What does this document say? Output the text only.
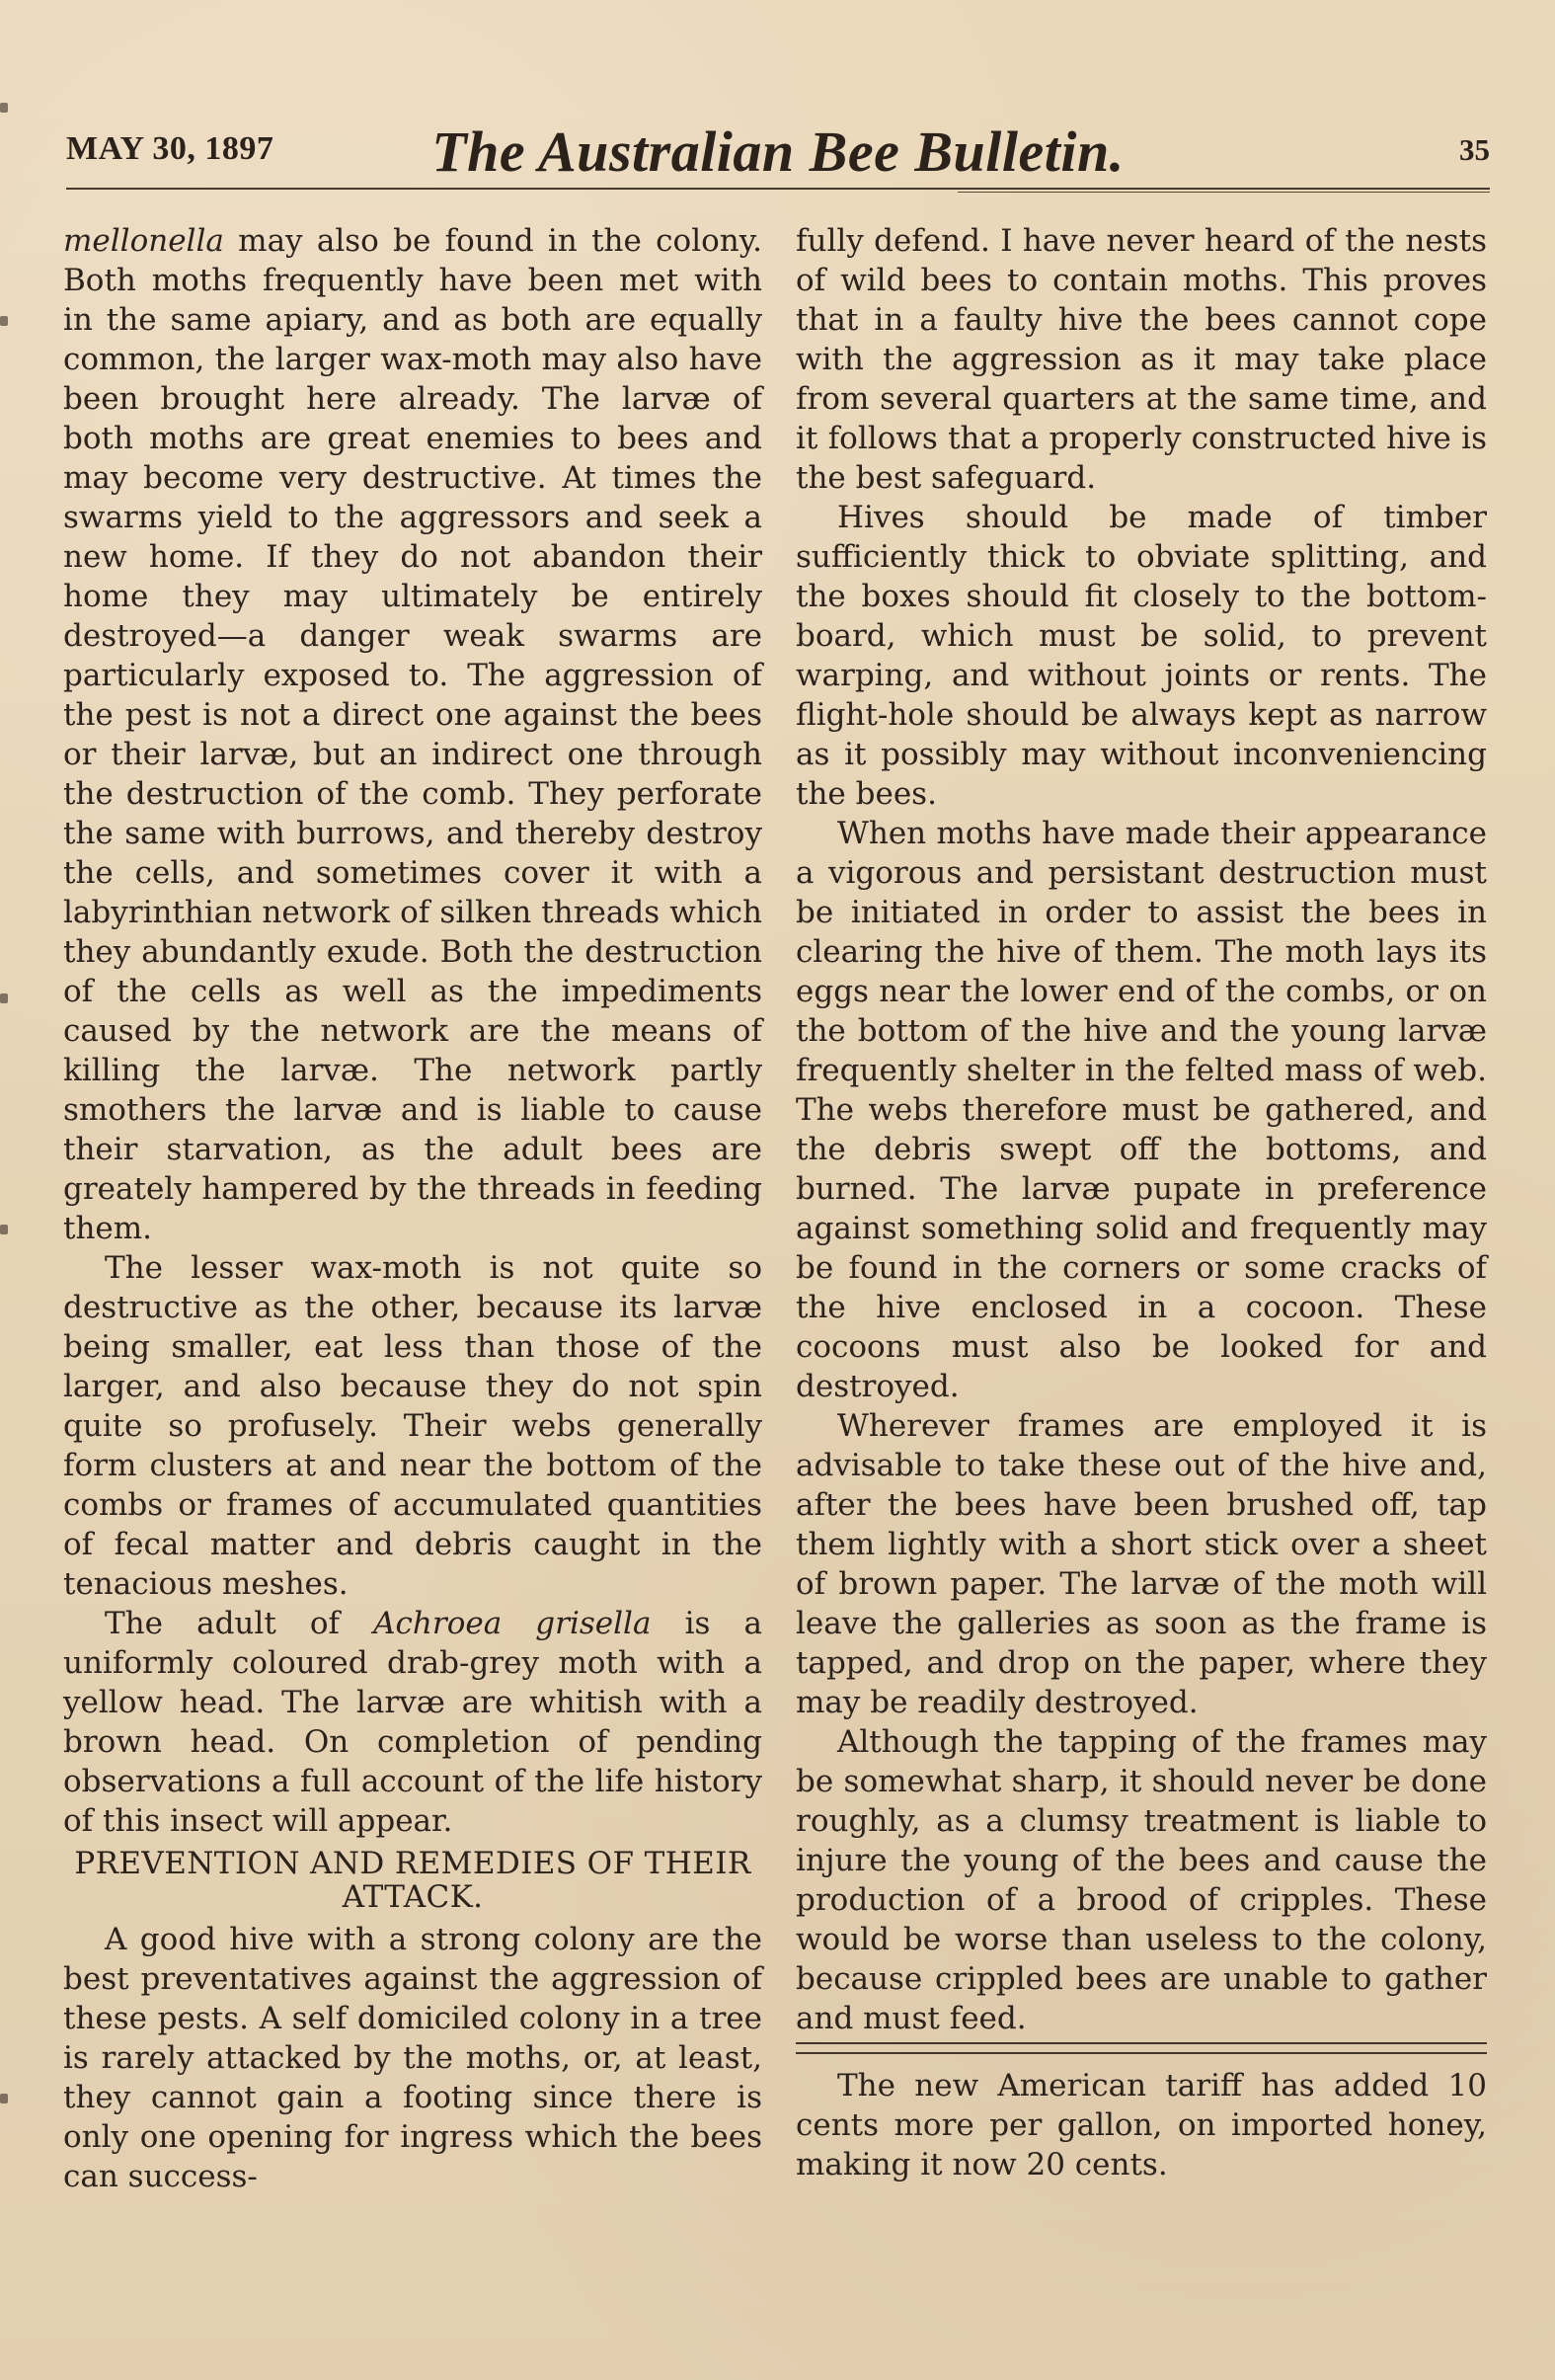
MAY 30, 1897	The Australian Bee Bulletin.	35

mellonella may also be found in the colony. Both moths frequently have been met with in the same apiary, and as both are equally common, the larger wax-moth may also have been brought here already. The larvæ of both moths are great enemies to bees and may become very destructive. At times the swarms yield to the aggressors and seek a new home. If they do not abandon their home they may ultimately be entirely destroyed—a danger weak swarms are particularly exposed to. The aggression of the pest is not a direct one against the bees or their larvæ, but an indirect one through the destruction of the comb. They perforate the same with burrows, and thereby destroy the cells, and sometimes cover it with a labyrinthian network of silken threads which they abundantly exude. Both the destruction of the cells as well as the impediments caused by the network are the means of killing the larvæ. The network partly smothers the larvæ and is liable to cause their starvation, as the adult bees are greately hampered by the threads in feeding them.

The lesser wax-moth is not quite so destructive as the other, because its larvæ being smaller, eat less than those of the larger, and also because they do not spin quite so profusely. Their webs generally form clusters at and near the bottom of the combs or frames of accumulated quantities of fecal matter and debris caught in the tenacious meshes.

The adult of Achroea grisella is a uniformly coloured drab-grey moth with a yellow head. The larvæ are whitish with a brown head. On completion of pending observations a full account of the life history of this insect will appear.

PREVENTION AND REMEDIES OF THEIR ATTACK.

A good hive with a strong colony are the best preventatives against the aggression of these pests. A self domiciled colony in a tree is rarely attacked by the moths, or, at least, they cannot gain a footing since there is only one opening for ingress which the bees can success-

fully defend. I have never heard of the nests of wild bees to contain moths. This proves that in a faulty hive the bees cannot cope with the aggression as it may take place from several quarters at the same time, and it follows that a properly constructed hive is the best safeguard.

Hives should be made of timber sufficiently thick to obviate splitting, and the boxes should fit closely to the bottom-board, which must be solid, to prevent warping, and without joints or rents. The flight-hole should be always kept as narrow as it possibly may without inconveniencing the bees.

When moths have made their appearance a vigorous and persistant destruction must be initiated in order to assist the bees in clearing the hive of them. The moth lays its eggs near the lower end of the combs, or on the bottom of the hive and the young larvæ frequently shelter in the felted mass of web. The webs therefore must be gathered, and the debris swept off the bottoms, and burned. The larvæ pupate in preference against something solid and frequently may be found in the corners or some cracks of the hive enclosed in a cocoon. These cocoons must also be looked for and destroyed.

Wherever frames are employed it is advisable to take these out of the hive and, after the bees have been brushed off, tap them lightly with a short stick over a sheet of brown paper. The larvæ of the moth will leave the galleries as soon as the frame is tapped, and drop on the paper, where they may be readily destroyed.

Although the tapping of the frames may be somewhat sharp, it should never be done roughly, as a clumsy treatment is liable to injure the young of the bees and cause the production of a brood of cripples. These would be worse than useless to the colony, because crippled bees are unable to gather and must feed.

The new American tariff has added 10 cents more per gallon, on imported honey, making it now 20 cents.
